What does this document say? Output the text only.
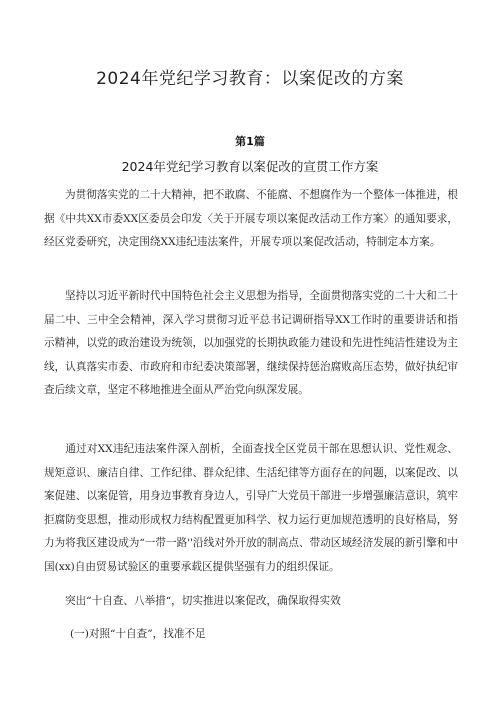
2024年党纪学习教育：以案促改的方案
第1篇
2024年党纪学习教育以案促改的宣贯工作方案
为贯彻落实党的二十大精神，把不敢腐、不能腐、不想腐作为一个整体一体推进，根据《中共XX市委XX区委员会印发〈关于开展专项以案促改活动工作方案〉的通知要求，经区党委研究，决定围绕XX违纪违法案件，开展专项以案促改活动，特制定本方案。
坚持以习近平新时代中国特色社会主义思想为指导，全面贯彻落实党的二十大和二十届二中、三中全会精神，深入学习贯彻习近平总书记调研指导XX工作时的重要讲话和指示精神，以党的政治建设为统领，以加强党的长期执政能力建设和先进性纯洁性建设为主线，认真落实市委、市政府和市纪委决策部署，继续保持惩治腐败高压态势，做好执纪审查后续文章，坚定不移地推进全面从严治党向纵深发展。
通过对XX违纪违法案件深入剖析，全面查找全区党员干部在思想认识、党性观念、规矩意识、廉洁自律、工作纪律、群众纪律、生活纪律等方面存在的问题，以案促改、以案促建、以案促管，用身边事教育身边人，引导广大党员干部进一步增强廉洁意识，筑牢拒腐防变思想，推动形成权力结构配置更加科学、权力运行更加规范透明的良好格局，努力为将我区建设成为“一带一路''沿线对外开放的制高点、带动区域经济发展的新引擎和中国(xx)自由贸易试验区的重要承载区提供坚强有力的组织保证。
突出“十自查、八举措“，切实推进以案促改，确保取得实效
(一)对照“十自查”，找准不足
